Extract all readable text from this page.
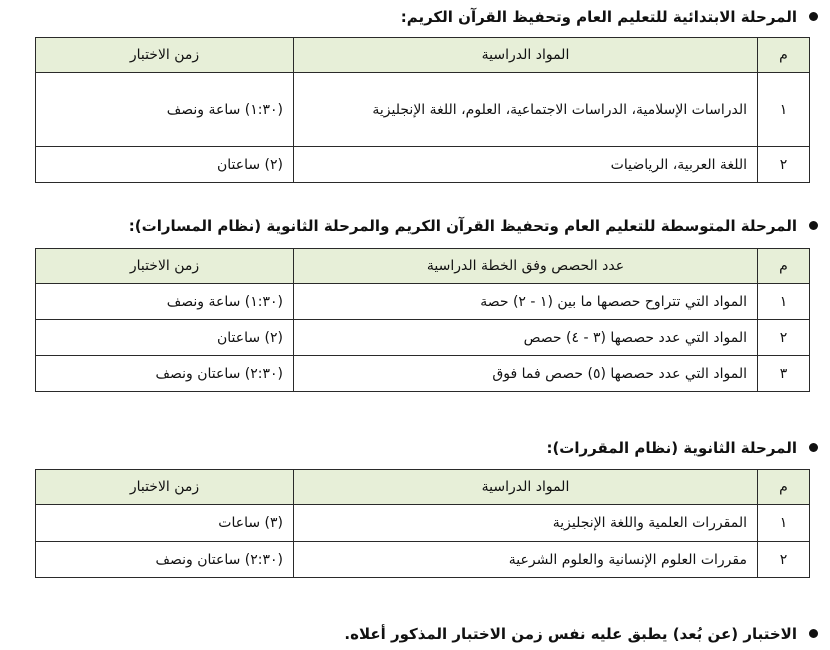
المرحلة الابتدائية للتعليم العام وتحفيظ القرآن الكريم:
م	المواد الدراسية	زمن الاختبار
١	الدراسات الإسلامية، الدراسات الاجتماعية، العلوم، اللغة الإنجليزية	(١:٣٠) ساعة ونصف
٢	اللغة العربية، الرياضيات	(٢) ساعتان
المرحلة المتوسطة للتعليم العام وتحفيظ القرآن الكريم والمرحلة الثانوية (نظام المسارات):
م	عدد الحصص وفق الخطة الدراسية	زمن الاختبار
١	المواد التي تتراوح حصصها ما بين (١ - ٢) حصة	(١:٣٠) ساعة ونصف
٢	المواد التي عدد حصصها (٣ - ٤) حصص	(٢) ساعتان
٣	المواد التي عدد حصصها (٥) حصص فما فوق	(٢:٣٠) ساعتان ونصف
المرحلة الثانوية (نظام المقررات):
م	المواد الدراسية	زمن الاختبار
١	المقررات العلمية واللغة الإنجليزية	(٣) ساعات
٢	مقررات العلوم الإنسانية والعلوم الشرعية	(٢:٣٠) ساعتان ونصف
الاختبار (عن بُعد) يطبق عليه نفس زمن الاختبار المذكور أعلاه.
